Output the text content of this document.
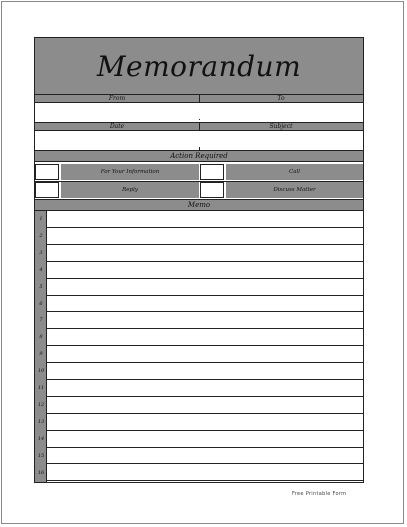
Memorandum
From	To
Date	Subject
Action Required
For Your Information	Call
Reply	Discuss Matter
Memo
1
2
3
4
5
6
7
8
9
10
11
12
13
14
15
16
Free Printable Form
